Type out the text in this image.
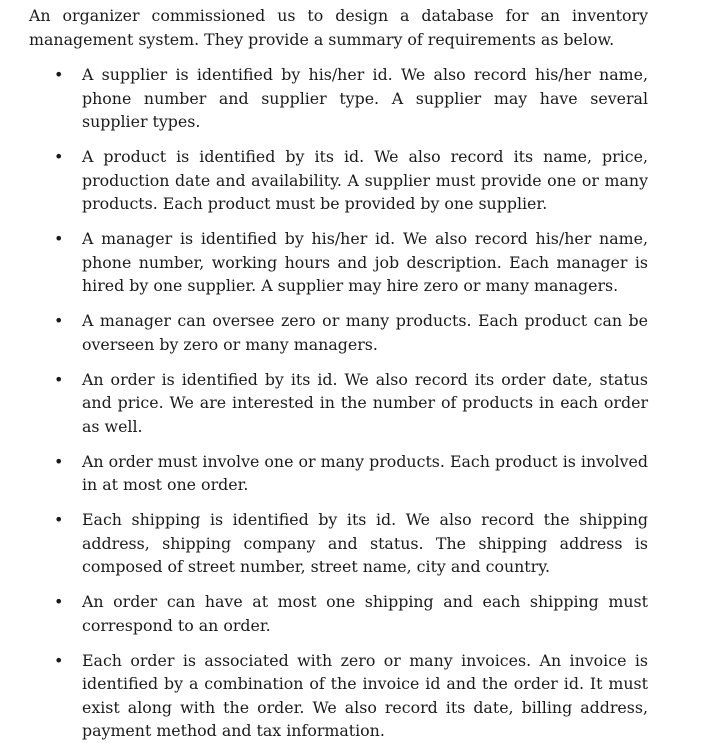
An organizer commissioned us to design a database for an inventory management system. They provide a summary of requirements as below.

• A supplier is identified by his/her id. We also record his/her name, phone number and supplier type. A supplier may have several supplier types.
• A product is identified by its id. We also record its name, price, production date and availability. A supplier must provide one or many products. Each product must be provided by one supplier.
• A manager is identified by his/her id. We also record his/her name, phone number, working hours and job description. Each manager is hired by one supplier. A supplier may hire zero or many managers.
• A manager can oversee zero or many products. Each product can be overseen by zero or many managers.
• An order is identified by its id. We also record its order date, status and price. We are interested in the number of products in each order as well.
• An order must involve one or many products. Each product is involved in at most one order.
• Each shipping is identified by its id. We also record the shipping address, shipping company and status. The shipping address is composed of street number, street name, city and country.
• An order can have at most one shipping and each shipping must correspond to an order.
• Each order is associated with zero or many invoices. An invoice is identified by a combination of the invoice id and the order id. It must exist along with the order. We also record its date, billing address, payment method and tax information.
